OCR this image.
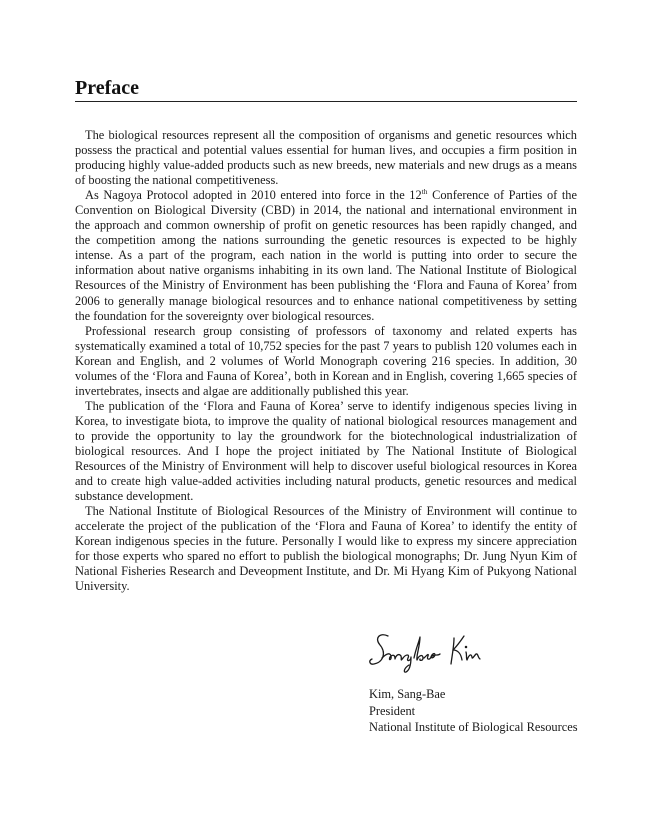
Preface

The biological resources represent all the composition of organisms and genetic resources which possess the practical and potential values essential for human lives, and occupies a firm position in producing highly value-added products such as new breeds, new materials and new drugs as a means of boosting the national competitiveness.

As Nagoya Protocol adopted in 2010 entered into force in the 12th Conference of Parties of the Convention on Biological Diversity (CBD) in 2014, the national and international environment in the approach and common ownership of profit on genetic resources has been rapidly changed, and the competition among the nations surrounding the genetic resources is expected to be highly intense. As a part of the program, each nation in the world is putting into order to secure the information about native organisms inhabiting in its own land. The National Institute of Biological Resources of the Ministry of Environment has been publishing the ‘Flora and Fauna of Korea’ from 2006 to generally manage biological resources and to enhance national competitiveness by setting the foundation for the sovereignty over biological resources.

Professional research group consisting of professors of taxonomy and related experts has systematically examined a total of 10,752 species for the past 7 years to publish 120 volumes each in Korean and English, and 2 volumes of World Monograph covering 216 species. In addition, 30 volumes of the ‘Flora and Fauna of Korea’, both in Korean and in English, covering 1,665 species of invertebrates, insects and algae are additionally published this year.

The publication of the ‘Flora and Fauna of Korea’ serve to identify indigenous species living in Korea, to investigate biota, to improve the quality of national biological resources management and to provide the opportunity to lay the groundwork for the biotechnological industrialization of biological resources. And I hope the project initiated by The National Institute of Biological Resources of the Ministry of Environment will help to discover useful biological resources in Korea and to create high value-added activities including natural products, genetic resources and medical substance development.

The National Institute of Biological Resources of the Ministry of Environment will continue to accelerate the project of the publication of the ‘Flora and Fauna of Korea’ to identify the entity of Korean indigenous species in the future. Personally I would like to express my sincere appreciation for those experts who spared no effort to publish the biological monographs; Dr. Jung Nyun Kim of National Fisheries Research and Deveopment Institute, and Dr. Mi Hyang Kim of Pukyong National University.

Kim, Sang-Bae
President
National Institute of Biological Resources
